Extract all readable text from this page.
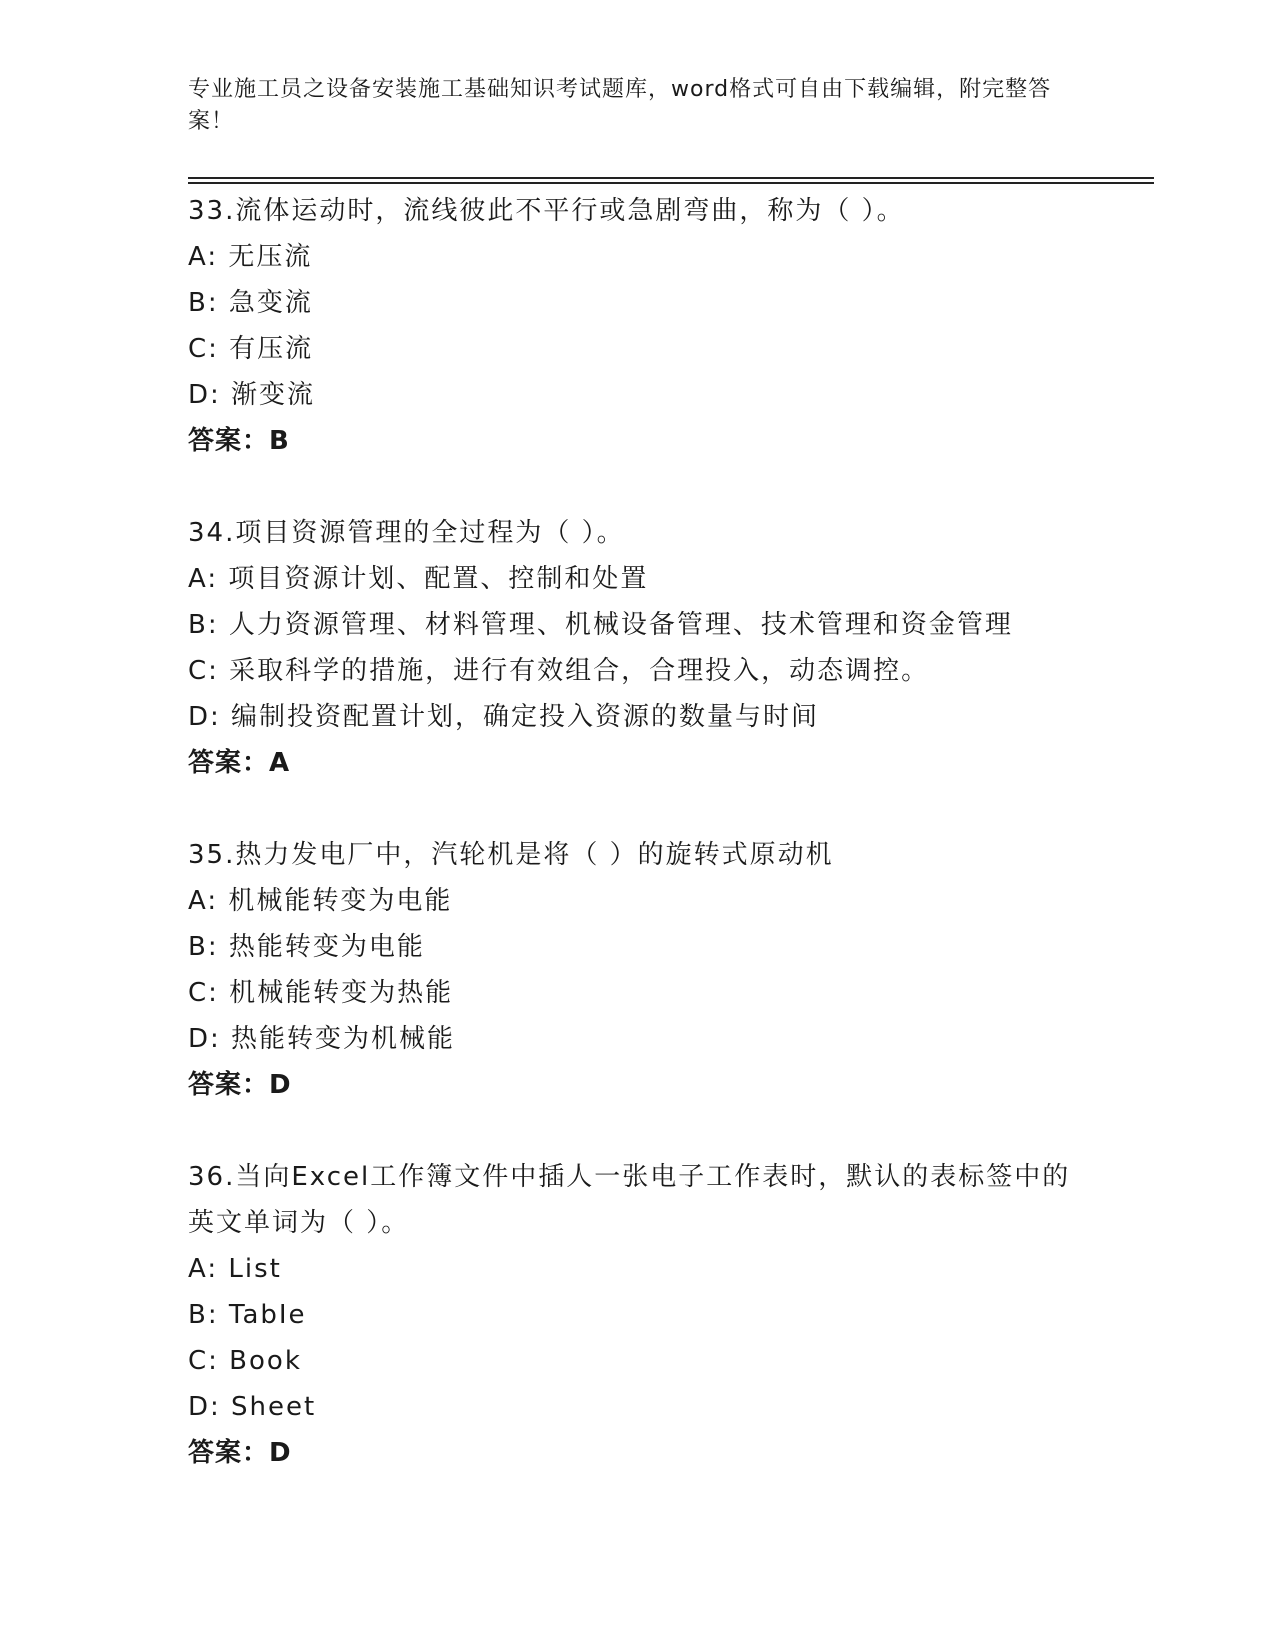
专业施工员之设备安装施工基础知识考试题库，word格式可自由下载编辑，附完整答案！
33.流体运动时，流线彼此不平行或急剧弯曲，称为（ ）。
A: 无压流
B: 急变流
C: 有压流
D: 渐变流
答案：B
34.项目资源管理的全过程为（ ）。
A: 项目资源计划、配置、控制和处置
B: 人力资源管理、材料管理、机械设备管理、技术管理和资金管理
C: 采取科学的措施，进行有效组合，合理投入，动态调控。
D: 编制投资配置计划，确定投入资源的数量与时间
答案：A
35.热力发电厂中，汽轮机是将（ ）的旋转式原动机
A: 机械能转变为电能
B: 热能转变为电能
C: 机械能转变为热能
D: 热能转变为机械能
答案：D
36.当向Excel工作簿文件中插人一张电子工作表时，默认的表标签中的英文单词为（ ）。
A: List
B: TabIe
C: Book
D: Sheet
答案：D
